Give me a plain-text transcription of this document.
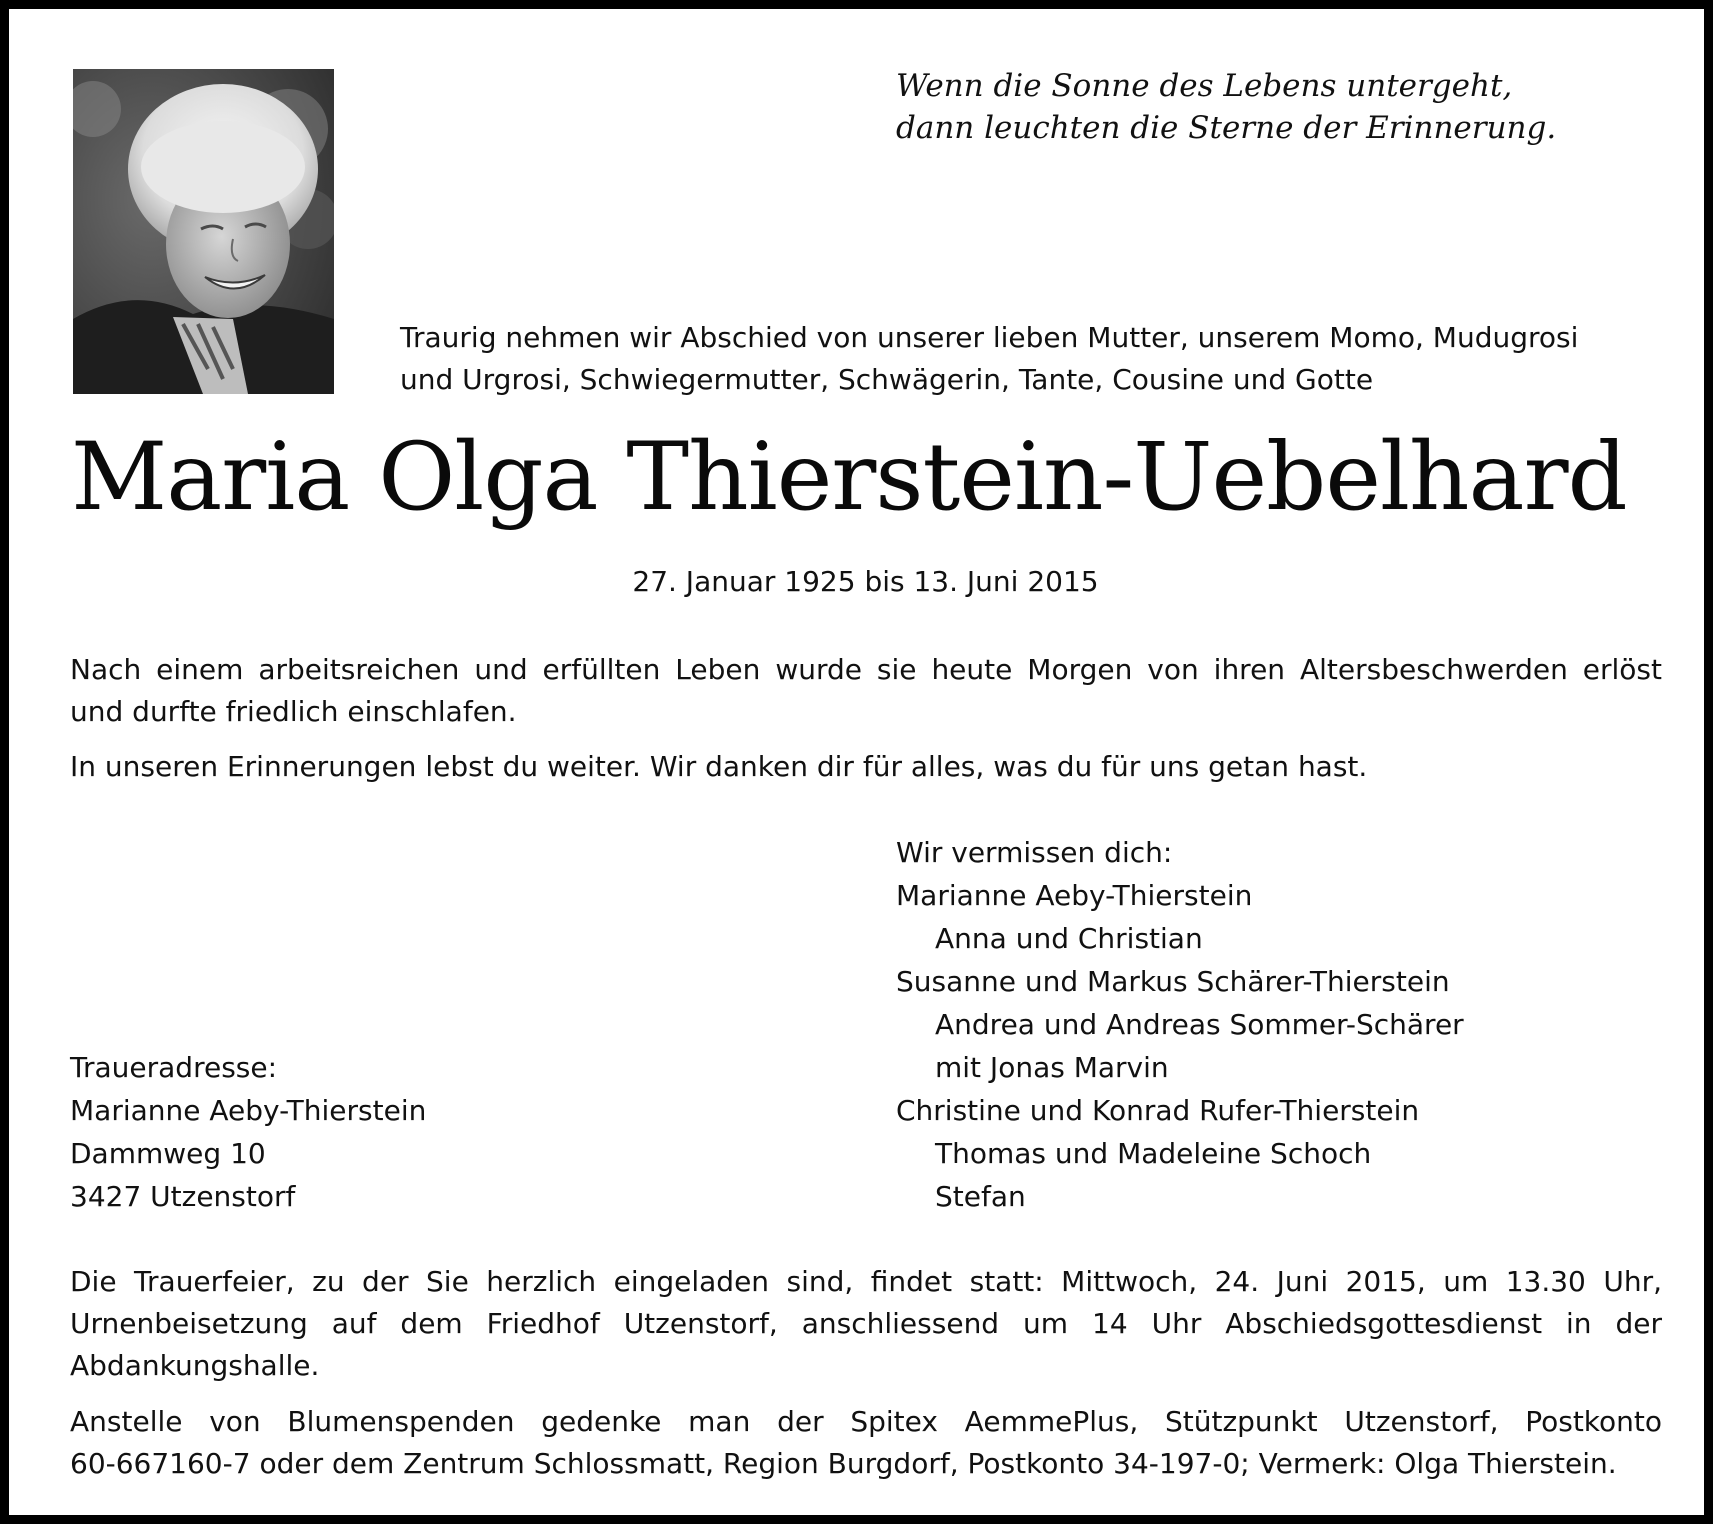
Wenn die Sonne des Lebens untergeht,
dann leuchten die Sterne der Erinnerung.
Traurig nehmen wir Abschied von unserer lieben Mutter, unserem Momo, Mudugrosi
und Urgrosi, Schwiegermutter, Schwägerin, Tante, Cousine und Gotte
Maria Olga Thierstein-Uebelhard
27. Januar 1925 bis 13. Juni 2015
Nach einem arbeitsreichen und erfüllten Leben wurde sie heute Morgen von ihren Altersbeschwerden erlöst
und durfte friedlich einschlafen.
In unseren Erinnerungen lebst du weiter. Wir danken dir für alles, was du für uns getan hast.
Wir vermissen dich:
Marianne Aeby-Thierstein
Anna und Christian
Susanne und Markus Schärer-Thierstein
Andrea und Andreas Sommer-Schärer
mit Jonas Marvin
Christine und Konrad Rufer-Thierstein
Thomas und Madeleine Schoch
Stefan
Traueradresse:
Marianne Aeby-Thierstein
Dammweg 10
3427 Utzenstorf
Die Trauerfeier, zu der Sie herzlich eingeladen sind, findet statt: Mittwoch, 24. Juni 2015, um 13.30 Uhr,
Urnenbeisetzung auf dem Friedhof Utzenstorf, anschliessend um 14 Uhr Abschiedsgottesdienst in der
Abdankungshalle.
Anstelle von Blumenspenden gedenke man der Spitex AemmePlus, Stützpunkt Utzenstorf, Postkonto
60-667160-7 oder dem Zentrum Schlossmatt, Region Burgdorf, Postkonto 34-197-0; Vermerk: Olga Thierstein.
